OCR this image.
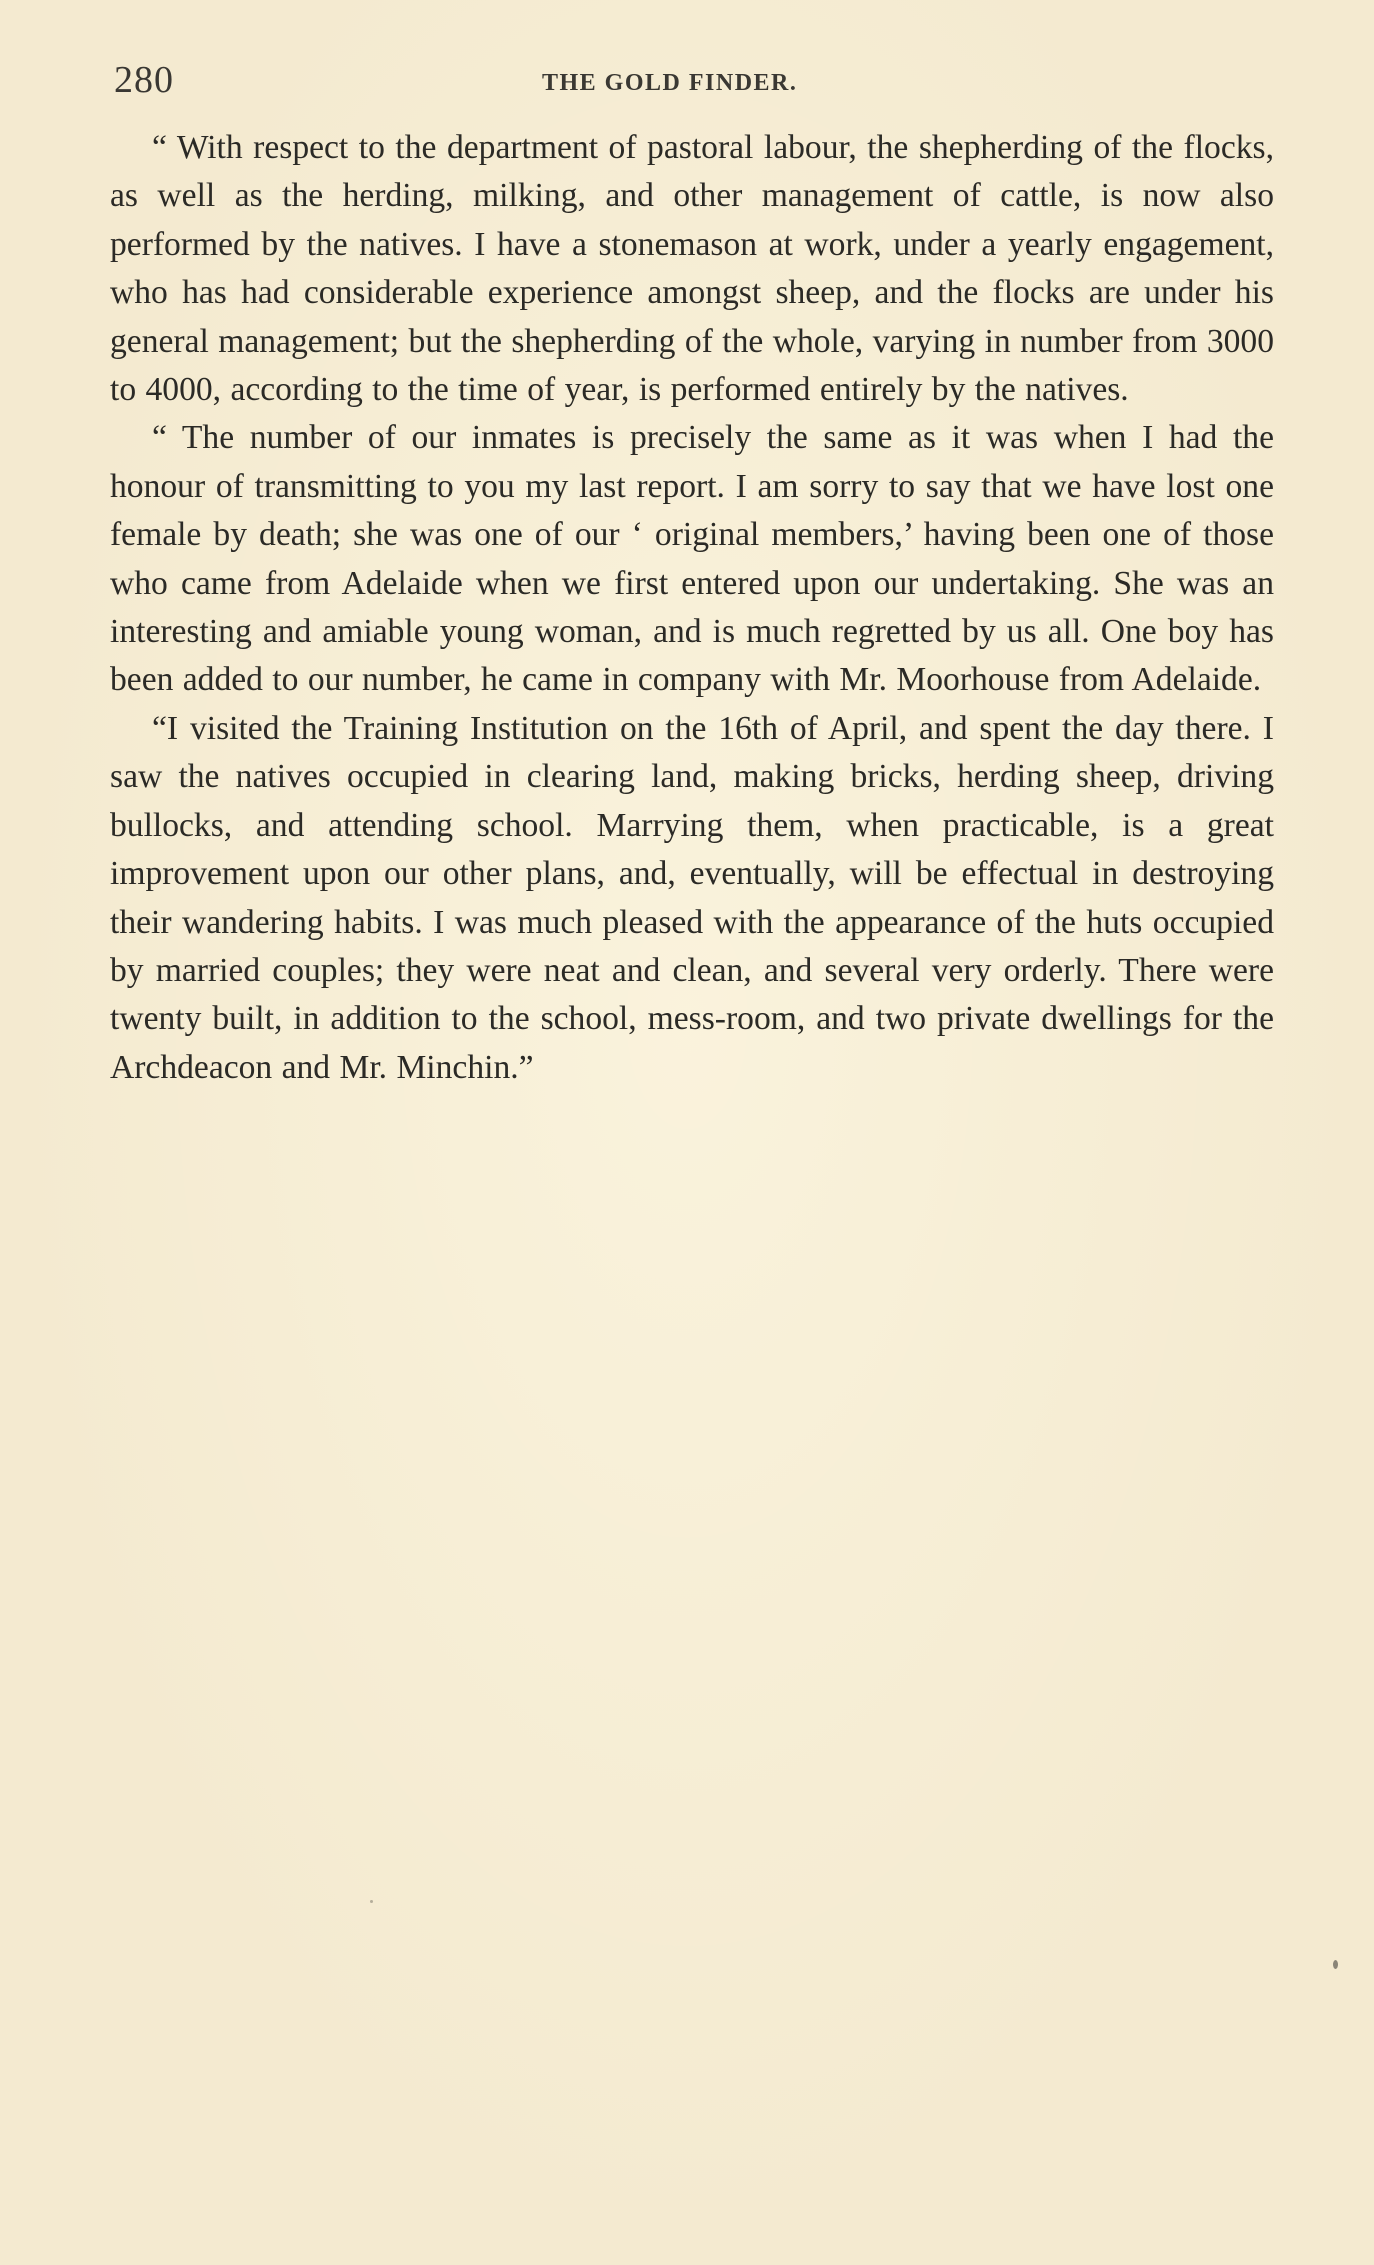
280	THE GOLD FINDER.

“ With respect to the department of pastoral labour, the shepherding of the flocks, as well as the herding, milking, and other management of cattle, is now also performed by the natives. I have a stonemason at work, under a yearly engagement, who has had considerable experience amongst sheep, and the flocks are under his general management; but the shepherding of the whole, varying in number from 3000 to 4000, according to the time of year, is performed entirely by the natives.

“ The number of our inmates is precisely the same as it was when I had the honour of transmitting to you my last report. I am sorry to say that we have lost one female by death; she was one of our ‘ original members,’ having been one of those who came from Adelaide when we first entered upon our undertaking. She was an interesting and amiable young woman, and is much regretted by us all. One boy has been added to our number, he came in company with Mr. Moorhouse from Adelaide.

“I visited the Training Institution on the 16th of April, and spent the day there. I saw the natives occupied in clearing land, making bricks, herding sheep, driving bullocks, and attending school. Marrying them, when practicable, is a great improvement upon our other plans, and, eventually, will be effectual in destroying their wandering habits. I was much pleased with the appearance of the huts occupied by married couples; they were neat and clean, and several very orderly. There were twenty built, in addition to the school, mess-room, and two private dwellings for the Archdeacon and Mr. Minchin.”
